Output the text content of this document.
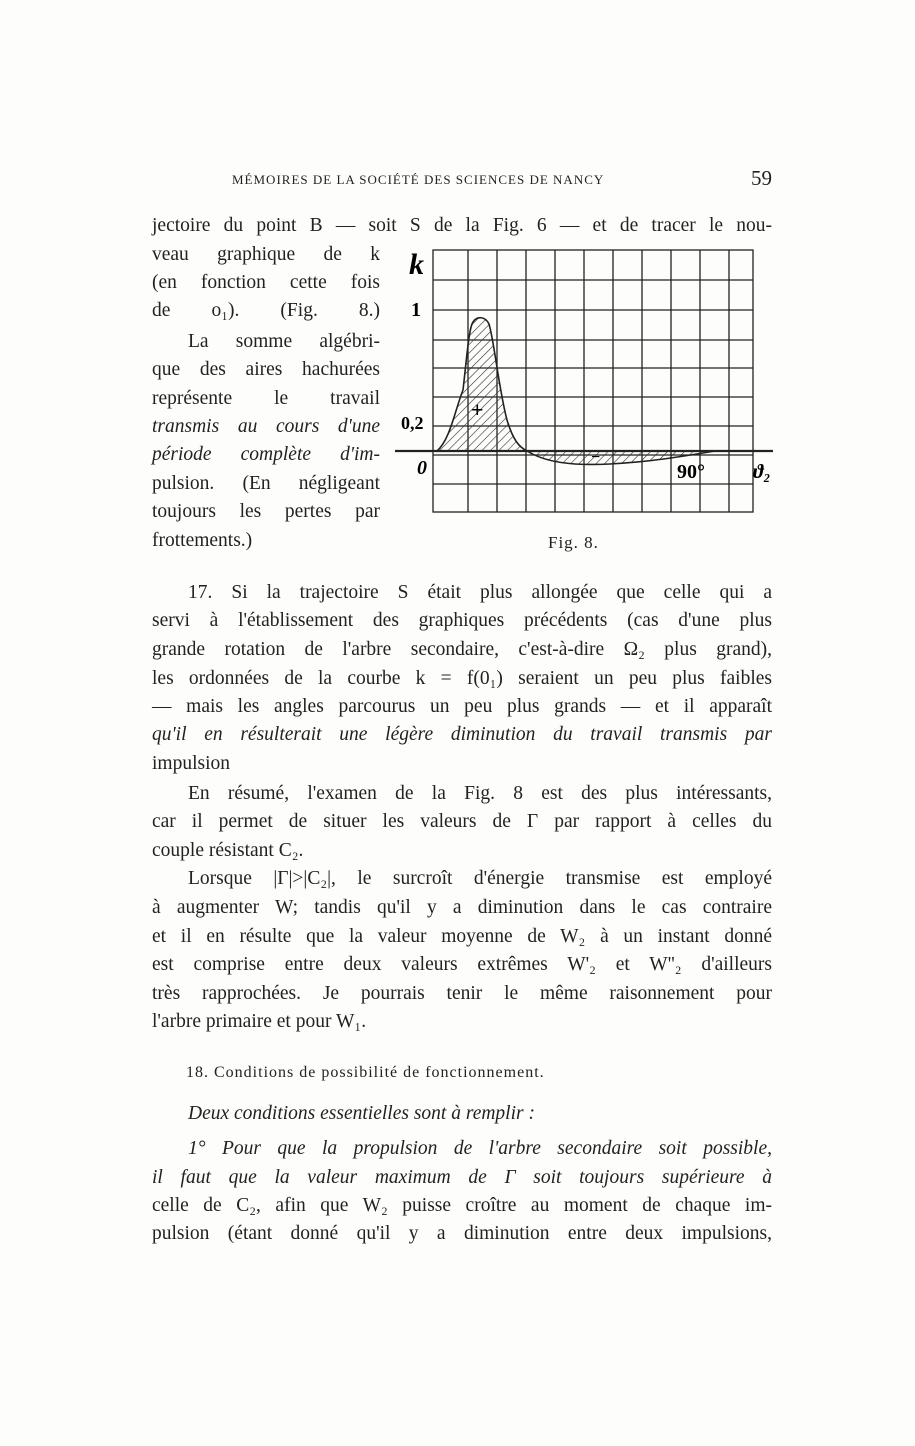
MÉMOIRES DE LA SOCIÉTÉ DES SCIENCES DE NANCY	59
jectoire du point B — soit S de la Fig. 6 — et de tracer le nou-
veau graphique de k
(en fonction cette fois
de o₁). (Fig. 8.)
La somme algébri-
que des aires hachurées
représente le travail
transmis au cours d'une
période complète d'im-
pulsion. (En négligeant
toujours les pertes par
frottements.)
k
1
0,2
0	90° ϑ₂
+
−
Fig. 8.
17. Si la trajectoire S était plus allongée que celle qui a
servi à l'établissement des graphiques précédents (cas d'une plus
grande rotation de l'arbre secondaire, c'est-à-dire Ω₂ plus grand),
les ordonnées de la courbe k = f(0₁) seraient un peu plus faibles
— mais les angles parcourus un peu plus grands — et il apparaît
qu'il en résulterait une légère diminution du travail transmis par
impulsion
En résumé, l'examen de la Fig. 8 est des plus intéressants,
car il permet de situer les valeurs de Γ par rapport à celles du
couple résistant C₂.
Lorsque |Γ|>|C₂|, le surcroît d'énergie transmise est employé
à augmenter W; tandis qu'il y a diminution dans le cas contraire
et il en résulte que la valeur moyenne de W₂ à un instant donné
est comprise entre deux valeurs extrêmes W'₂ et W''₂ d'ailleurs
très rapprochées. Je pourrais tenir le même raisonnement pour
l'arbre primaire et pour W₁.
18. Conditions de possibilité de fonctionnement.
Deux conditions essentielles sont à remplir :
1° Pour que la propulsion de l'arbre secondaire soit possible,
il faut que la valeur maximum de Γ soit toujours supérieure à
celle de C₂, afin que W₂ puisse croître au moment de chaque im-
pulsion (étant donné qu'il y a diminution entre deux impulsions,
